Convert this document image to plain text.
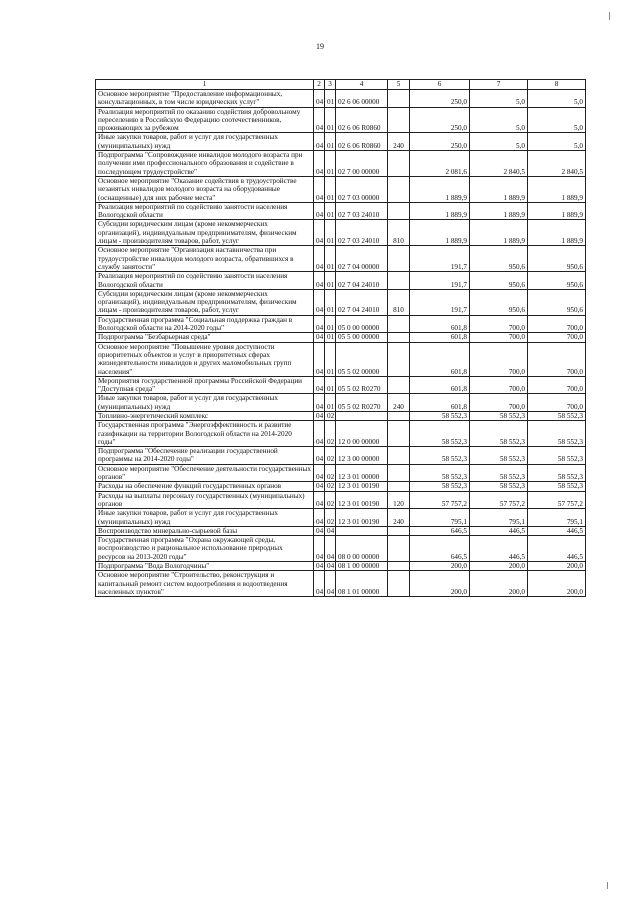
19
1	2	3	4	5	6	7	8
Основное мероприятие "Предоставление информационных, консультационных, в том числе юридических услуг"	04	01	02 6 06 00000		250,0	5,0	5,0
Реализация мероприятий по оказанию содействия добровольному переселению в Российскую Федерацию соотечественников, проживающих за рубежом	04	01	02 6 06 R0860		250,0	5,0	5,0
Иные закупки товаров, работ и услуг для государственных (муниципальных) нужд	04	01	02 6 06 R0860	240	250,0	5,0	5,0
Подпрограмма "Сопровождение инвалидов молодого возраста при получении ими профессионального образования и содействие в последующем трудоустройстве"	04	01	02 7 00 00000		2 081,6	2 840,5	2 840,5
Основное мероприятие "Оказание содействия в трудоустройстве незанятых инвалидов молодого возраста на оборудованные (оснащенные) для них рабочие места"	04	01	02 7 03 00000		1 889,9	1 889,9	1 889,9
Реализация мероприятий по содействию занятости населения Вологодской области	04	01	02 7 03 24010		1 889,9	1 889,9	1 889,9
Субсидии юридическим лицам (кроме некоммерческих организаций), индивидуальным предпринимателям, физическим лицам - производителям товаров, работ, услуг	04	01	02 7 03 24010	810	1 889,9	1 889,9	1 889,9
Основное мероприятие "Организация наставничества при трудоустройстве инвалидов молодого возраста, обратившихся в службу занятости"	04	01	02 7 04 00000		191,7	950,6	950,6
Реализация мероприятий по содействию занятости населения Вологодской области	04	01	02 7 04 24010		191,7	950,6	950,6
Субсидии юридическим лицам (кроме некоммерческих организаций), индивидуальным предпринимателям, физическим лицам - производителям товаров, работ, услуг	04	01	02 7 04 24010	810	191,7	950,6	950,6
Государственная программа "Социальная поддержка граждан в Вологодской области на 2014-2020 годы"	04	01	05 0 00 00000		601,8	700,0	700,0
Подпрограмма "Безбарьерная среда"	04	01	05 5 00 00000		601,8	700,0	700,0
Основное мероприятие "Повышение уровня доступности приоритетных объектов и услуг в приоритетных сферах жизнедеятельности инвалидов и других маломобильных групп населения"	04	01	05 5 02 00000		601,8	700,0	700,0
Мероприятия государственной программы Российской Федерации "Доступная среда"	04	01	05 5 02 R0270		601,8	700,0	700,0
Иные закупки товаров, работ и услуг для государственных (муниципальных) нужд	04	01	05 5 02 R0270	240	601,8	700,0	700,0
Топливно-энергетический комплекс	04	02			58 552,3	58 552,3	58 552,3
Государственная программа "Энергоэффективность и развитие газификации на территории Вологодской области на 2014-2020 годы"	04	02	12 0 00 00000		58 552,3	58 552,3	58 552,3
Подпрограмма "Обеспечение реализации государственной программы на 2014-2020 годы"	04	02	12 3 00 00000		58 552,3	58 552,3	58 552,3
Основное мероприятие "Обеспечение деятельности государственных органов"	04	02	12 3 01 00000		58 552,3	58 552,3	58 552,3
Расходы на обеспечение функций государственных органов	04	02	12 3 01 00190		58 552,3	58 552,3	58 552,3
Расходы на выплаты персоналу государственных (муниципальных) органов	04	02	12 3 01 00190	120	57 757,2	57 757,2	57 757,2
Иные закупки товаров, работ и услуг для государственных (муниципальных) нужд	04	02	12 3 01 00190	240	795,1	795,1	795,1
Воспроизводство минерально-сырьевой базы	04	04			646,5	446,5	446,5
Государственная программа "Охрана окружающей среды, воспроизводство и рациональное использование природных ресурсов на 2013-2020 годы"	04	04	08 0 00 00000		646,5	446,5	446,5
Подпрограмма "Вода Вологодчины"	04	04	08 1 00 00000		200,0	200,0	200,0
Основное мероприятие "Строительство, реконструкция и капитальный ремонт систем водоотребления и водоотведения населенных пунктов"	04	04	08 1 01 00000		200,0	200,0	200,0
